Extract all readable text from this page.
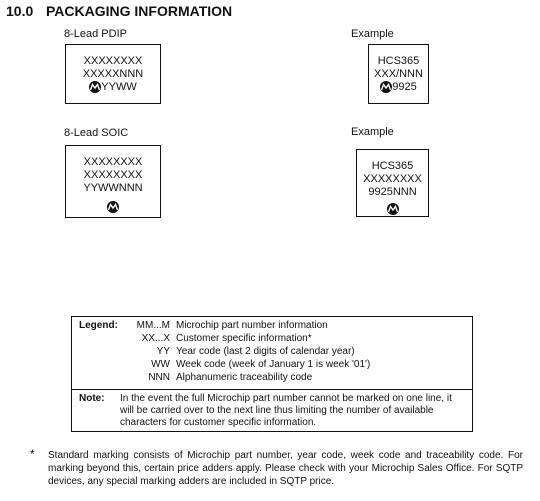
10.0 PACKAGING INFORMATION
8-Lead PDIP
XXXXXXXX
XXXXXNNN
YYWW
Example
HCS365
XXX/NNN
9925
8-Lead SOIC
XXXXXXXX
XXXXXXXX
YYWWNNN
Example
HCS365
XXXXXXXX
9925NNN
Legend:	MM...M Microchip part number information
XX...X Customer specific information*
YY Year code (last 2 digits of calendar year)
WW Week code (week of January 1 is week '01')
NNN Alphanumeric traceability code
Note: In the event the full Microchip part number cannot be marked on one line, it will be carried over to the next line thus limiting the number of available characters for customer specific information.
* Standard marking consists of Microchip part number, year code, week code and traceability code. For marking beyond this, certain price adders apply. Please check with your Microchip Sales Office. For SQTP devices, any special marking adders are included in SQTP price.
